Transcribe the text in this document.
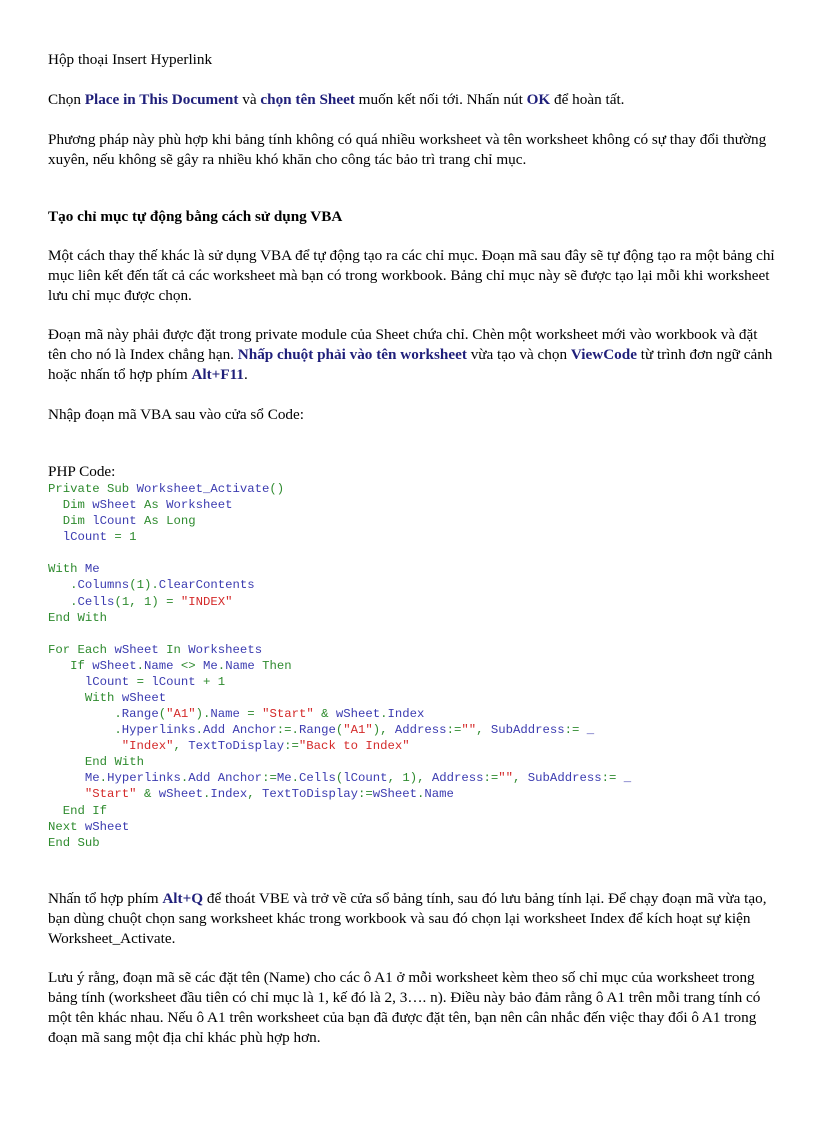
Hộp thoại Insert Hyperlink

Chọn Place in This Document và chọn tên Sheet muốn kết nối tới. Nhấn nút OK để hoàn tất.

Phương pháp này phù hợp khi bảng tính không có quá nhiều worksheet và tên worksheet không có sự thay đổi thường xuyên, nếu không sẽ gây ra nhiều khó khăn cho công tác bảo trì trang chỉ mục.

Tạo chỉ mục tự động bằng cách sử dụng VBA

Một cách thay thế khác là sử dụng VBA để tự động tạo ra các chỉ mục. Đoạn mã sau đây sẽ tự động tạo ra một bảng chỉ mục liên kết đến tất cả các worksheet mà bạn có trong workbook. Bảng chỉ mục này sẽ được tạo lại mỗi khi worksheet lưu chỉ mục được chọn.

Đoạn mã này phải được đặt trong private module của Sheet chứa chỉ. Chèn một worksheet mới vào workbook và đặt tên cho nó là Index chẳng hạn. Nhấp chuột phải vào tên worksheet vừa tạo và chọn ViewCode từ trình đơn ngữ cảnh hoặc nhấn tổ hợp phím Alt+F11.

Nhập đoạn mã VBA sau vào cửa sổ Code:

PHP Code:

Private Sub Worksheet_Activate()
Dim wSheet As Worksheet
Dim lCount As Long
lCount = 1

With Me
.Columns(1).ClearContents
.Cells(1, 1) = "INDEX"
End With

For Each wSheet In Worksheets
If wSheet.Name <> Me.Name Then
lCount = lCount + 1
With wSheet
.Range("A1").Name = "Start" & wSheet.Index
.Hyperlinks.Add Anchor:=.Range("A1"), Address:="", SubAddress:= _
"Index", TextToDisplay:="Back to Index"
End With
Me.Hyperlinks.Add Anchor:=Me.Cells(lCount, 1), Address:="", SubAddress:= _
"Start" & wSheet.Index, TextToDisplay:=wSheet.Name
End If
Next wSheet
End Sub

Nhấn tổ hợp phím Alt+Q để thoát VBE và trở về cửa sổ bảng tính, sau đó lưu bảng tính lại. Để chạy đoạn mã vừa tạo, bạn dùng chuột chọn sang worksheet khác trong workbook và sau đó chọn lại worksheet Index để kích hoạt sự kiện Worksheet_Activate.

Lưu ý rằng, đoạn mã sẽ các đặt tên (Name) cho các ô A1 ở mỗi worksheet kèm theo số chỉ mục của worksheet trong bảng tính (worksheet đầu tiên có chỉ mục là 1, kế đó là 2, 3…. n). Điều này bảo đảm rằng ô A1 trên mỗi trang tính có một tên khác nhau. Nếu ô A1 trên worksheet của bạn đã được đặt tên, bạn nên cân nhắc đến việc thay đổi ô A1 trong đoạn mã sang một địa chỉ khác phù hợp hơn.
